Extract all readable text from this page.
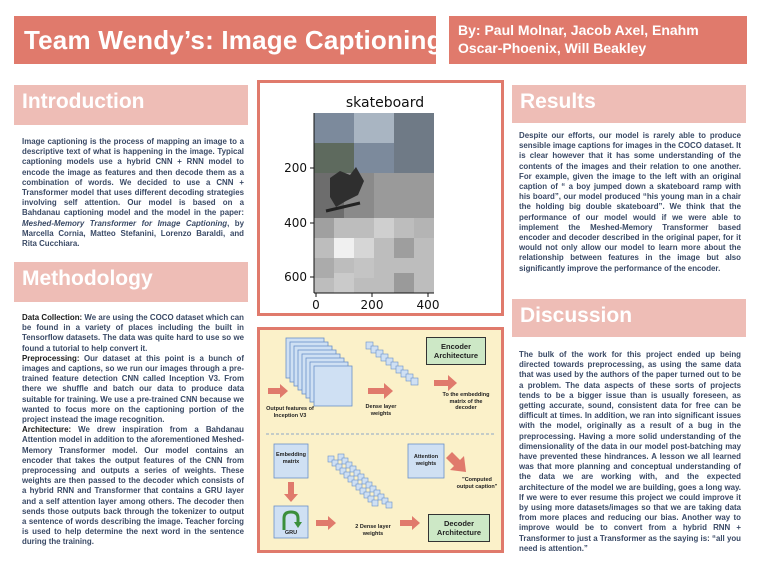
Team Wendy’s: Image Captioning By: Paul Molnar, Jacob Axel, Enahm Oscar-Phoenix, Will Beakley

Introduction

Image captioning is the process of mapping an image to a descriptive text of what is happening in the image. Typical captioning models use a hybrid CNN + RNN model to encode the image as features and then decode them as a combination of words. We decided to use a CNN + Transformer model that uses different decoding strategies involving self attention. Our model is based on a Bahdanau captioning model and the model in the paper: Meshed-Memory Transformer for Image Captioning, by Marcella Cornia, Matteo Stefanini, Lorenzo Baraldi, and Rita Cucchiara.

Methodology

Data Collection: We are using the COCO dataset which can be found in a variety of places including the built in Tensorflow datasets. The data was quite hard to use so we found a tutorial to help convert it.

Preprocessing: Our dataset at this point is a bunch of images and captions, so we run our images through a pre-trained feature detection CNN called Inception V3. From there we shuffle and batch our data to produce data suitable for training. We use a pre-trained CNN because we wanted to focus more on the captioning portion of the project instead the image recognition.

Architecture: We drew inspiration from a Bahdanau Attention model in addition to the aforementioned Meshed-Memory Transformer model. Our model contains an encoder that takes the output features of the CNN from preprocessing and outputs a series of weights. These weights are then passed to the decoder which consists of a hybrid RNN and Transformer that contains a GRU layer and a self attention layer among others. The decoder then sends those outputs back through the tokenizer to output a sentence of words describing the image. Teacher forcing is used to help determine the next word in the sentence during the training.

skateboard
200
400
600
0	200	400
Encoder Architecture
Decoder Architecture
Output features of Inception V3
Dense layer weights
To the embedding matrix of the decoder
Embedding matrix
Attention weights
"Computed output caption"
GRU
2 Dense layer weights
Results

Despite our efforts, our model is rarely able to produce sensible image captions for images in the COCO dataset. It is clear however that it has some understanding of the contents of the images and their relation to one another. For example, given the image to the left with an original caption of “ a boy jumped down a skateboard ramp with his board”, our model produced “his young man in a chair the holding big double skateboard”. We think that the performance of our model would if we were able to implement the Meshed-Memory Transformer based encoder and decoder described in the original paper, for it would not only allow our model to learn more about the relationship between features in the image but also significantly improve the performance of the encoder.

Discussion

The bulk of the work for this project ended up being directed towards preprocessing, as using the same data that was used by the authors of the paper turned out to be a problem. The data aspects of these sorts of projects tends to be a bigger issue than is usually foreseen, as getting accurate, sound, consistent data for free can be difficult at times. In addition, we ran into significant issues with the model, originally as a result of a bug in the preprocessing. Having a more solid understanding of the dimensionality of the data in our model post-batching may have prevented these hindrances. A lesson we all learned was that more planning and conceptual understanding of the data we are working with, and the expected architecture of the model we are building, goes a long way. If we were to ever resume this project we could improve it by using more datasets/images so that we are taking data from more places and reducing our bias. Another way to improve would be to convert from a hybrid RNN + Transformer to just a Transformer as the saying is: “all you need is attention.”
